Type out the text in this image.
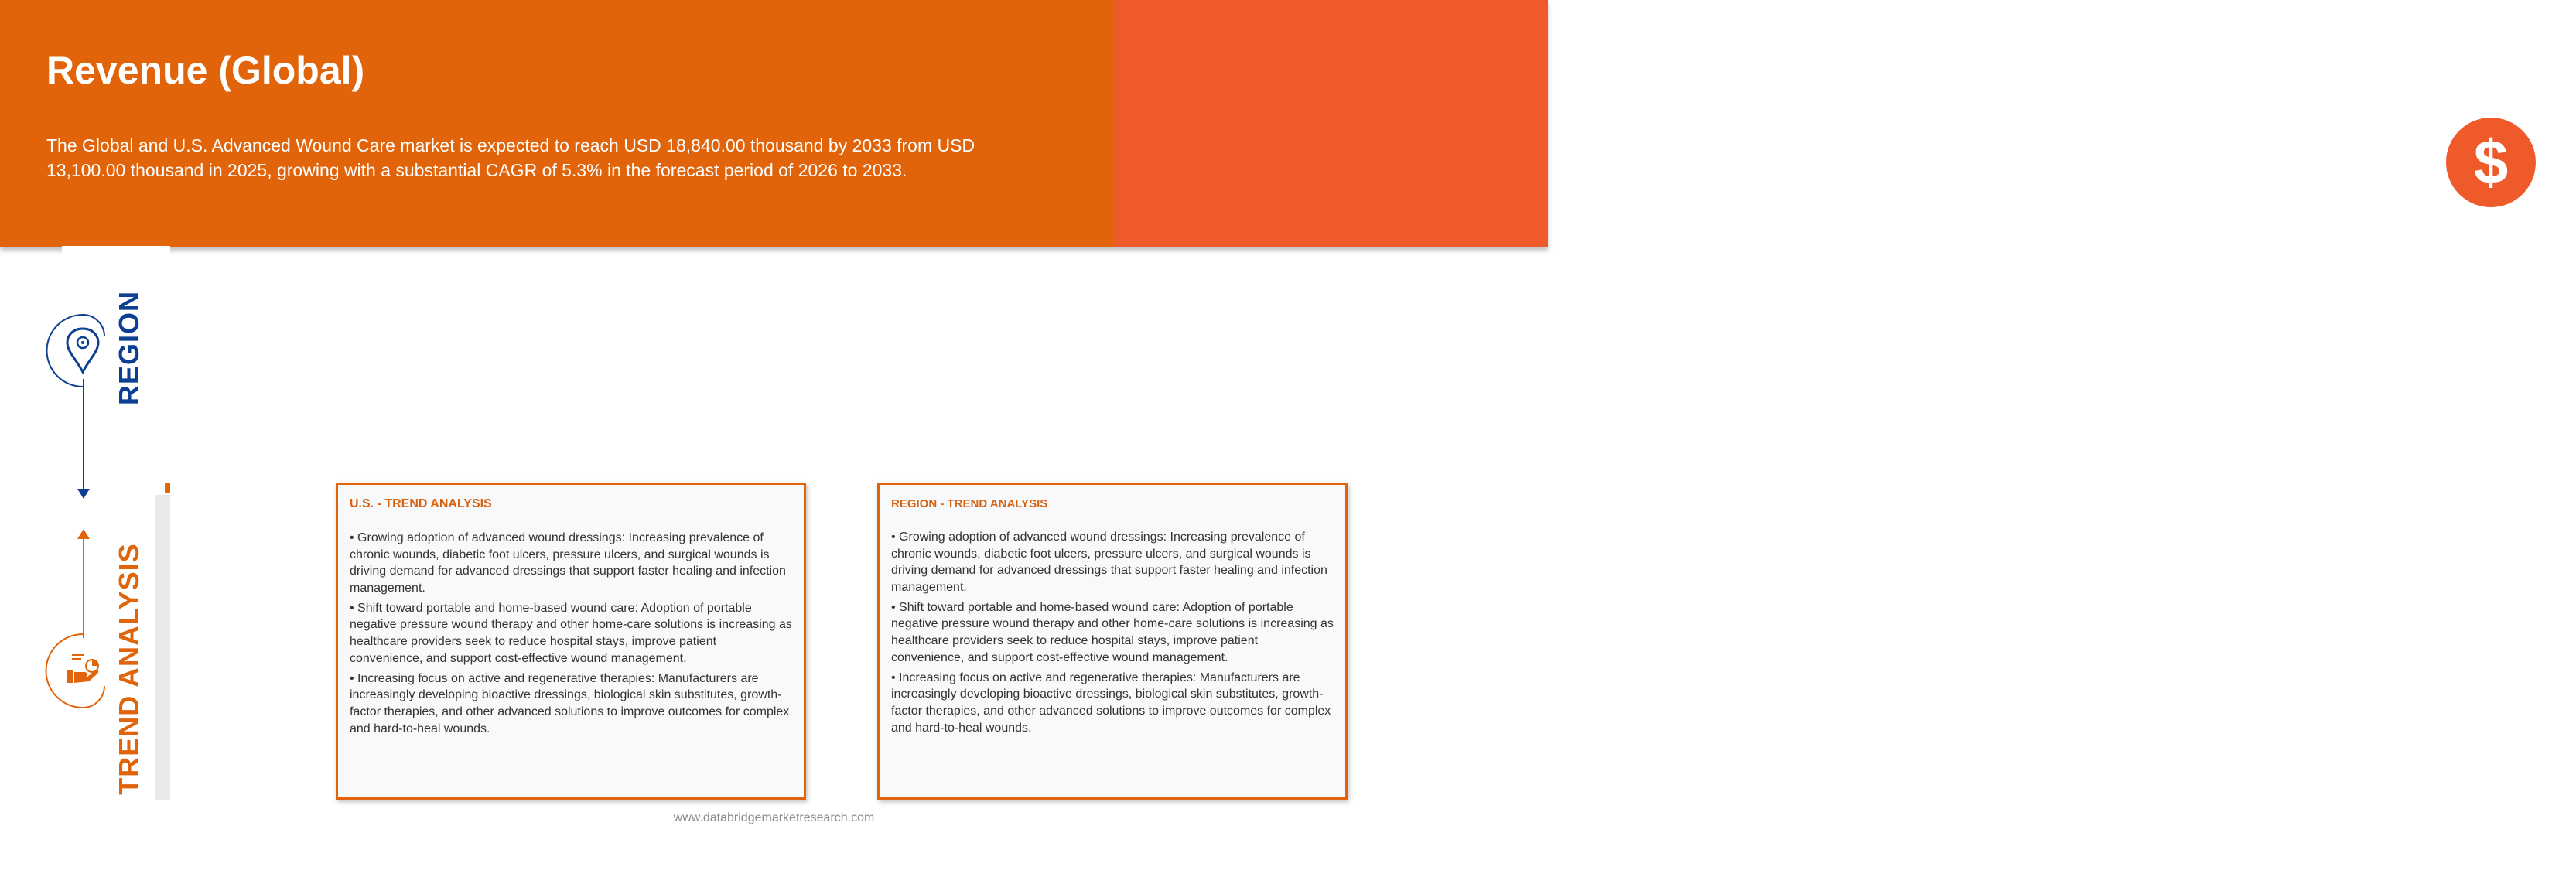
$
Revenue (Global)

The Global and U.S. Advanced Wound Care market is expected to reach USD 18,840.00 thousand by 2033 from USD 13,100.00 thousand in 2025, growing with a substantial CAGR of 5.3% in the forecast period of 2026 to 2033.

REGION
TREND ANALYSIS

U.S. - TREND ANALYSIS

• Growing adoption of advanced wound dressings: Increasing prevalence of chronic wounds, diabetic foot ulcers, pressure ulcers, and surgical wounds is driving demand for advanced dressings that support faster healing and infection management.

• Shift toward portable and home-based wound care: Adoption of portable negative pressure wound therapy and other home-care solutions is increasing as healthcare providers seek to reduce hospital stays, improve patient convenience, and support cost-effective wound management.

• Increasing focus on active and regenerative therapies: Manufacturers are increasingly developing bioactive dressings, biological skin substitutes, growth-factor therapies, and other advanced solutions to improve outcomes for complex and hard-to-heal wounds.

REGION - TREND ANALYSIS

• Growing adoption of advanced wound dressings: Increasing prevalence of chronic wounds, diabetic foot ulcers, pressure ulcers, and surgical wounds is driving demand for advanced dressings that support faster healing and infection management.

• Shift toward portable and home-based wound care: Adoption of portable negative pressure wound therapy and other home-care solutions is increasing as healthcare providers seek to reduce hospital stays, improve patient convenience, and support cost-effective wound management.

• Increasing focus on active and regenerative therapies: Manufacturers are increasingly developing bioactive dressings, biological skin substitutes, growth-factor therapies, and other advanced solutions to improve outcomes for complex and hard-to-heal wounds.

www.databridgemarketresearch.com
